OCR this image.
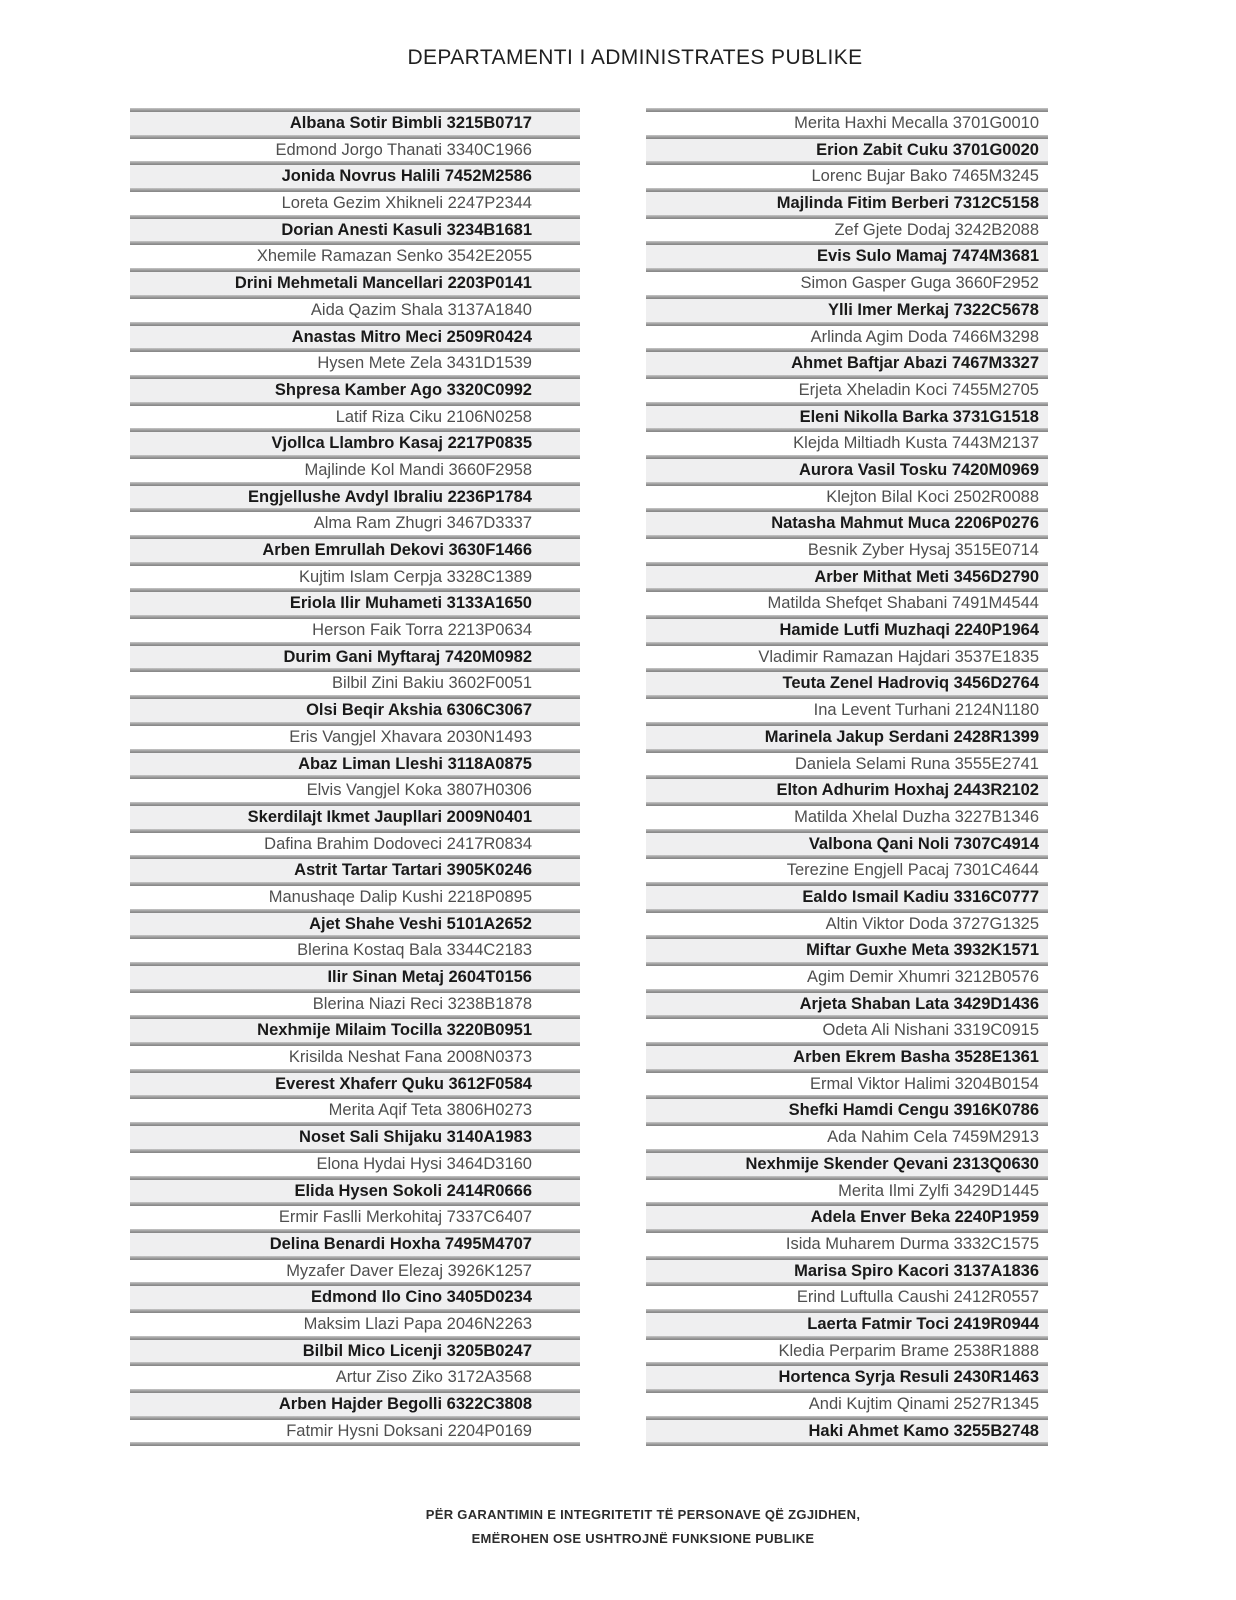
DEPARTAMENTI I ADMINISTRATES PUBLIKE
Albana Sotir Bimbli 3215B0717
Edmond Jorgo Thanati 3340C1966
Jonida Novrus Halili 7452M2586
Loreta Gezim Xhikneli 2247P2344
Dorian Anesti Kasuli 3234B1681
Xhemile Ramazan Senko 3542E2055
Drini Mehmetali Mancellari 2203P0141
Aida Qazim Shala 3137A1840
Anastas Mitro Meci 2509R0424
Hysen Mete Zela 3431D1539
Shpresa Kamber Ago 3320C0992
Latif Riza Ciku 2106N0258
Vjollca Llambro Kasaj 2217P0835
Majlinde Kol Mandi 3660F2958
Engjellushe Avdyl Ibraliu 2236P1784
Alma Ram Zhugri 3467D3337
Arben Emrullah Dekovi 3630F1466
Kujtim Islam Cerpja 3328C1389
Eriola Ilir Muhameti 3133A1650
Herson Faik Torra 2213P0634
Durim Gani Myftaraj 7420M0982
Bilbil Zini Bakiu 3602F0051
Olsi Beqir Akshia 6306C3067
Eris Vangjel Xhavara 2030N1493
Abaz Liman Lleshi 3118A0875
Elvis Vangjel Koka 3807H0306
Skerdilajt Ikmet Jaupllari 2009N0401
Dafina Brahim Dodoveci 2417R0834
Astrit Tartar Tartari 3905K0246
Manushaqe Dalip Kushi 2218P0895
Ajet Shahe Veshi 5101A2652
Blerina Kostaq Bala 3344C2183
Ilir Sinan Metaj 2604T0156
Blerina Niazi Reci 3238B1878
Nexhmije Milaim Tocilla 3220B0951
Krisilda Neshat Fana 2008N0373
Everest Xhaferr Quku 3612F0584
Merita Aqif Teta 3806H0273
Noset Sali Shijaku 3140A1983
Elona Hydai Hysi 3464D3160
Elida Hysen Sokoli 2414R0666
Ermir Faslli Merkohitaj 7337C6407
Delina Benardi Hoxha 7495M4707
Myzafer Daver Elezaj 3926K1257
Edmond Ilo Cino 3405D0234
Maksim Llazi Papa 2046N2263
Bilbil Mico Licenji 3205B0247
Artur Ziso Ziko 3172A3568
Arben Hajder Begolli 6322C3808
Fatmir Hysni Doksani 2204P0169
Merita Haxhi Mecalla 3701G0010
Erion Zabit Cuku 3701G0020
Lorenc Bujar Bako 7465M3245
Majlinda Fitim Berberi 7312C5158
Zef Gjete Dodaj 3242B2088
Evis Sulo Mamaj 7474M3681
Simon Gasper Guga 3660F2952
Ylli Imer Merkaj 7322C5678
Arlinda Agim Doda 7466M3298
Ahmet Baftjar Abazi 7467M3327
Erjeta Xheladin Koci 7455M2705
Eleni Nikolla Barka 3731G1518
Klejda Miltiadh Kusta 7443M2137
Aurora Vasil Tosku 7420M0969
Klejton Bilal Koci 2502R0088
Natasha Mahmut Muca 2206P0276
Besnik Zyber Hysaj 3515E0714
Arber Mithat Meti 3456D2790
Matilda Shefqet Shabani 7491M4544
Hamide Lutfi Muzhaqi 2240P1964
Vladimir Ramazan Hajdari 3537E1835
Teuta Zenel Hadroviq 3456D2764
Ina Levent Turhani 2124N1180
Marinela Jakup Serdani 2428R1399
Daniela Selami Runa 3555E2741
Elton Adhurim Hoxhaj 2443R2102
Matilda Xhelal Duzha 3227B1346
Valbona Qani Noli 7307C4914
Terezine Engjell Pacaj 7301C4644
Ealdo Ismail Kadiu 3316C0777
Altin Viktor Doda 3727G1325
Miftar Guxhe Meta 3932K1571
Agim Demir Xhumri 3212B0576
Arjeta Shaban Lata 3429D1436
Odeta Ali Nishani 3319C0915
Arben Ekrem Basha 3528E1361
Ermal Viktor Halimi 3204B0154
Shefki Hamdi Cengu 3916K0786
Ada Nahim Cela 7459M2913
Nexhmije Skender Qevani 2313Q0630
Merita Ilmi Zylfi 3429D1445
Adela Enver Beka 2240P1959
Isida Muharem Durma 3332C1575
Marisa Spiro Kacori 3137A1836
Erind Luftulla Caushi 2412R0557
Laerta Fatmir Toci 2419R0944
Kledia Perparim Brame 2538R1888
Hortenca Syrja Resuli 2430R1463
Andi Kujtim Qinami 2527R1345
Haki Ahmet Kamo 3255B2748
PËR GARANTIMIN E INTEGRITETIT TË PERSONAVE QË ZGJIDHEN,
EMËROHEN OSE USHTROJNË FUNKSIONE PUBLIKE
